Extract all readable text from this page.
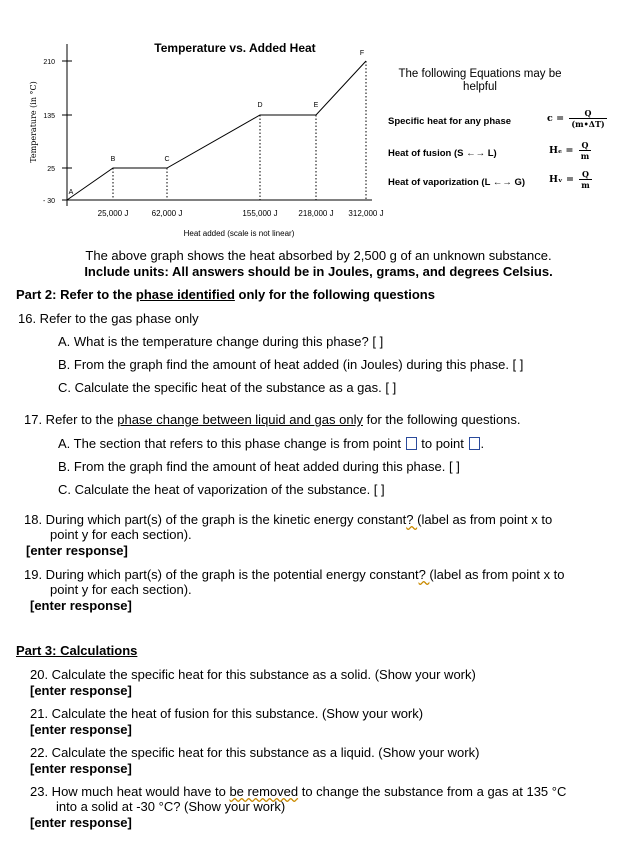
Temperature vs. Added Heat
Temperature (in °C)
Heat added (scale is not linear)
210
135
25
- 30
25,000 J	62,000 J	155,000 J	218,000 J 312,000 J
A
B	C
D	E
F
The following Equations may be helpful
Specific heat for any phase	$c = \frac{Q}{(m•\Delta T)}$
Heat of fusion (S ←→ L)	$H_e = \frac{Q}{m}$
Heat of vaporization (L ←→ G)	Hᵥ = $\frac{Q}{m}$
The above graph shows the heat absorbed by 2,500 g of an unknown substance.
Include units: All answers should be in Joules, grams, and degrees Celsius.
Part 2: Refer to the phase identified only for the following questions
16. Refer to the gas phase only
A. What is the temperature change during this phase? [ ]
B. From the graph find the amount of heat added (in Joules) during this phase. [ ]
C. Calculate the specific heat of the substance as a gas. [ ]
17. Refer to the phase change between liquid and gas only for the following questions.
A. The section that refers to this phase change is from point  to point .
B. From the graph find the amount of heat added during this phase. [ ]
C. Calculate the heat of vaporization of the substance. [ ]
18. During which part(s) of the graph is the kinetic energy constant? (label as from point x to
point y for each section).
[enter response]
19. During which part(s) of the graph is the potential energy constant? (label as from point x to
point y for each section).
[enter response]
Part 3: Calculations
20. Calculate the specific heat for this substance as a solid. (Show your work)
[enter response]
21. Calculate the heat of fusion for this substance. (Show your work)
[enter response]
22. Calculate the specific heat for this substance as a liquid. (Show your work)
[enter response]
23. How much heat would have to be removed to change the substance from a gas at 135 °C
into a solid at -30 °C? (Show your work)
[enter response]
